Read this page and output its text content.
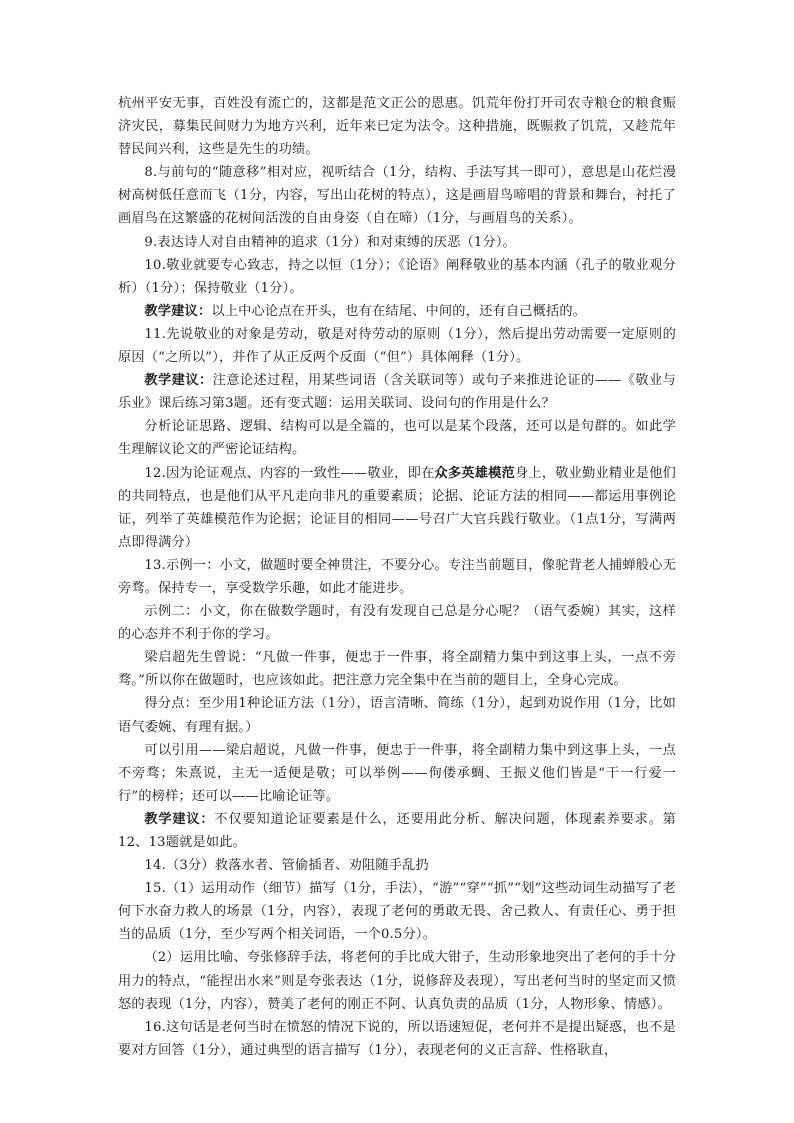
杭州平安无事，百姓没有流亡的，这都是范文正公的恩惠。饥荒年份打开司农寺粮仓的粮食赈济灾民，募集民间财力为地方兴利，近年来已定为法令。这种措施，既赈救了饥荒，又趁荒年替民间兴利，这些是先生的功绩。

8.与前句的“随意移”相对应，视听结合（1分，结构、手法写其一即可），意思是山花烂漫树高树低任意而飞（1分，内容，写出山花树的特点），这是画眉鸟啼唱的背景和舞台，衬托了画眉鸟在这繁盛的花树间活泼的自由身姿（自在啼）（1分，与画眉鸟的关系）。

9.表达诗人对自由精神的追求（1分）和对束缚的厌恶（1分）。

10.敬业就要专心致志，持之以恒（1分）；《论语》阐释敬业的基本内涵（孔子的敬业观分析）（1分）；保持敬业（1分）。

教学建议：以上中心论点在开头，也有在结尾、中间的，还有自己概括的。

11.先说敬业的对象是劳动，敬是对待劳动的原则（1分），然后提出劳动需要一定原则的原因（“之所以”），并作了从正反两个反面（“但”）具体阐释（1分）。

教学建议：注意论述过程，用某些词语（含关联词等）或句子来推进论证的——《敬业与乐业》课后练习第3题。还有变式题：运用关联词、设问句的作用是什么？

分析论证思路、逻辑、结构可以是全篇的，也可以是某个段落，还可以是句群的。如此学生理解议论文的严密论证结构。

12.因为论证观点、内容的一致性——敬业，即在众多英雄模范身上，敬业勤业精业是他们的共同特点，也是他们从平凡走向非凡的重要素质；论据、论证方法的相同——都运用事例论证，列举了英雄模范作为论据；论证目的相同——号召广大官兵践行敬业。（1点1分，写满两点即得满分）

13.示例一：小文，做题时要全神贯注，不要分心。专注当前题目，像驼背老人捕蝉般心无旁骛。保持专一，享受数学乐趣，如此才能进步。

示例二：小文，你在做数学题时，有没有发现自己总是分心呢？（语气委婉）其实，这样的心态并不利于你的学习。

梁启超先生曾说：“凡做一件事，便忠于一件事，将全副精力集中到这事上头，一点不旁骛。”所以你在做题时，也应该如此。把注意力完全集中在当前的题目上，全身心完成。

得分点：至少用1种论证方法（1分），语言清晰、简练（1分），起到劝说作用（1分，比如语气委婉、有理有据。）

可以引用——梁启超说，凡做一件事，便忠于一件事，将全副精力集中到这事上头，一点不旁骛；朱熹说，主无一适便是敬；可以举例——佝偻承蜩、王振义他们皆是“干一行爱一行”的榜样；还可以——比喻论证等。

教学建议：不仅要知道论证要素是什么，还要用此分析、解决问题，体现素养要求。第12、13题就是如此。

14.（3分）救落水者、管偷插者、劝阻随手乱扔

15.（1）运用动作（细节）描写（1分，手法），“游”“穿”“抓”“划”这些动词生动描写了老何下水奋力救人的场景（1分，内容），表现了老何的勇敢无畏、舍己救人、有责任心、勇于担当的品质（1分，至少写两个相关词语，一个0.5分）。

（2）运用比喻、夸张修辞手法，将老何的手比成大钳子，生动形象地突出了老何的手十分用力的特点，“能捏出水来”则是夸张表达（1分，说修辞及表现），写出老何当时的坚定而又愤怒的表现（1分，内容），赞美了老何的刚正不阿、认真负责的品质（1分，人物形象、情感）。

16.这句话是老何当时在愤怒的情况下说的，所以语速短促，老何并不是提出疑惑，也不是要对方回答（1分），通过典型的语言描写（1分），表现老何的义正言辞、性格耿直，
